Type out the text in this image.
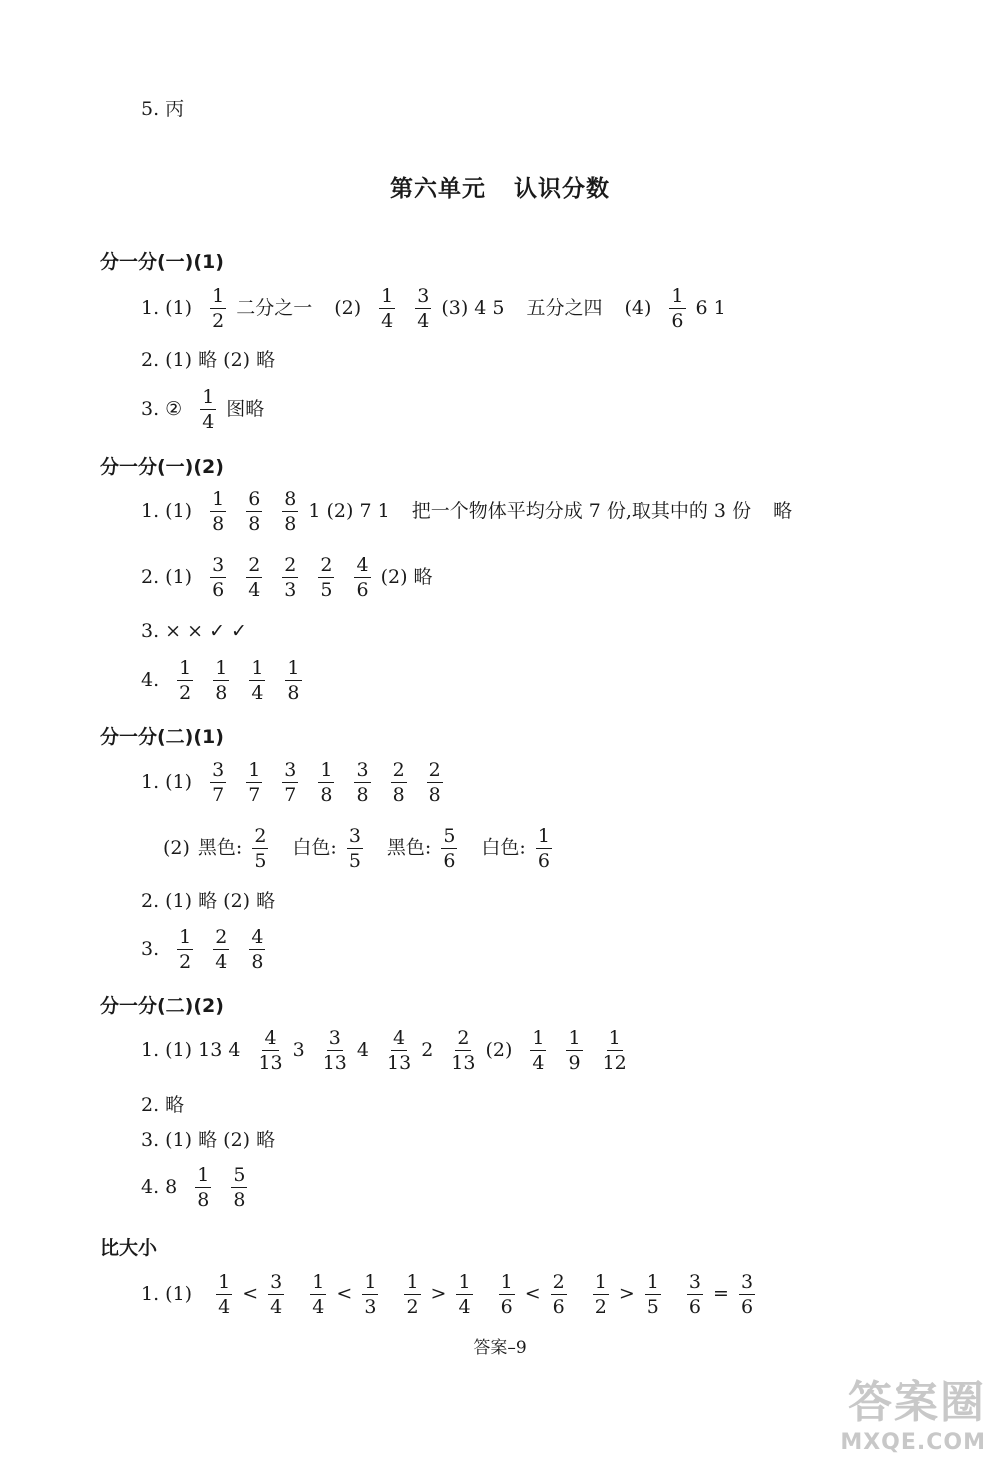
5. 丙
第六单元 认识分数
分一分(一)(1)
1. $(1) \frac{1}{2}$ 二分之一 $(2) \frac{1}{4} \frac{3}{4} (3)$ 4 5 五分之四 $(4) \frac{1}{6} 6$ 1
2. (1) 略 (2) 略
3. ② $\frac{1}{4}$ 图略
分一分(一)(2)
1. $(1) \frac{1}{8} \frac{6}{8} \frac{8}{8} 1$ (2) 7 1 把一个物体平均分成 7 份,取其中的 3 份 略
2. $(1) \frac{3}{6} \frac{2}{4} \frac{2}{3} \frac{2}{5} \frac{4}{6} (2)$ 略
3. × × ✓ ✓
4. $\frac{1}{2} \frac{1}{8} \frac{1}{4} \frac{1}{8}$
分一分(二)(1)
1. $(1) \frac{3}{7} \frac{1}{7} \frac{3}{7} \frac{1}{8} \frac{3}{8} \frac{2}{8} \frac{2}{8}$
(2) 黑色: $\frac{2}{5}$ 白色: $\frac{3}{5}$ 黑色: $\frac{5}{6}$ 白色: $\frac{1}{6}$
2. (1) 略 (2) 略
3. $\frac{1}{2} \frac{2}{4} \frac{4}{8}$
分一分(二)(2)
1. (1) 13 $4 \frac{4}{13} 3 \frac{3}{13} 4 \frac{4}{13} 2 \frac{2}{13} (2) \frac{1}{4} \frac{1}{9} \frac{1}{12}$
2. 略
3. (1) 略 (2) 略
4. $8 \frac{1}{8} \frac{5}{8}$
比大小
1. $(1) \frac{1}{4} < \frac{3}{4}$
$\frac{1}{4} < \frac{1}{3}$
$\frac{1}{2} > \frac{1}{4}$
$\frac{1}{6} < \frac{2}{6}$
$\frac{1}{2} > \frac{1}{5}$
$\frac{3}{6} = \frac{3}{6}$
答案–9
答案圈
MXQE.COM
